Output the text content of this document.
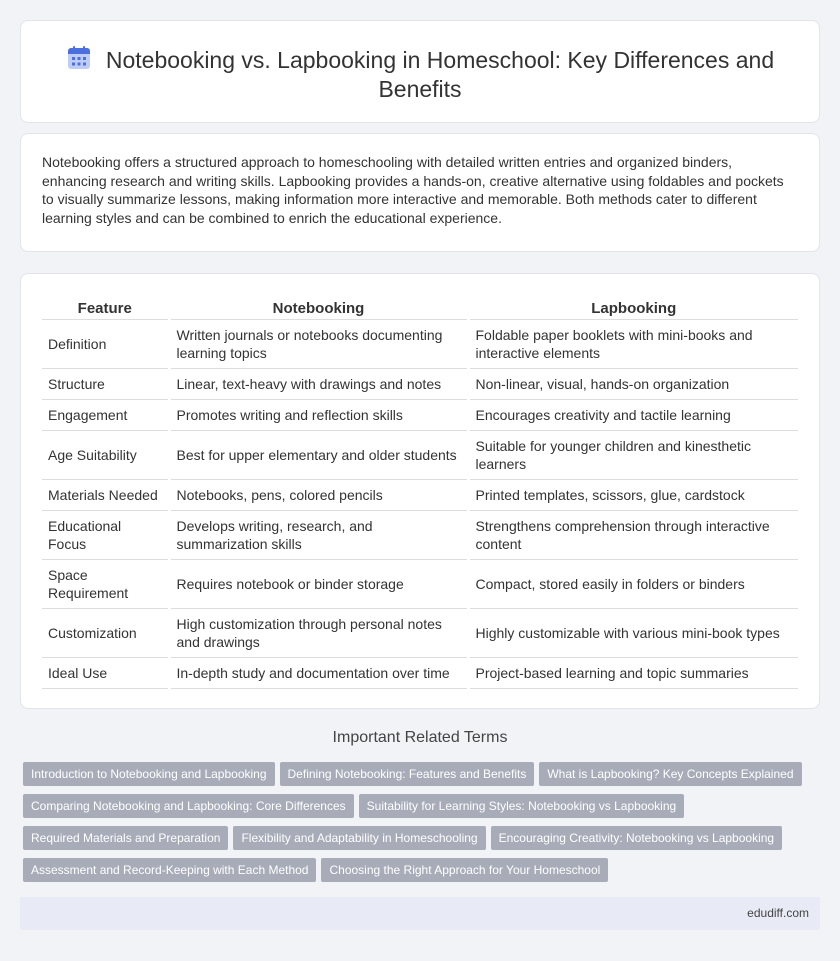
Notebooking vs. Lapbooking in Homeschool: Key Differences and Benefits

Notebooking offers a structured approach to homeschooling with detailed written entries and organized binders, enhancing research and writing skills. Lapbooking provides a hands-on, creative alternative using foldables and pockets to visually summarize lessons, making information more interactive and memorable. Both methods cater to different learning styles and can be combined to enrich the educational experience.

Feature	Notebooking	Lapbooking
Definition	Written journals or notebooks documenting learning topics	Foldable paper booklets with mini-books and interactive elements
Structure	Linear, text-heavy with drawings and notes	Non-linear, visual, hands-on organization
Engagement	Promotes writing and reflection skills	Encourages creativity and tactile learning
Age Suitability	Best for upper elementary and older students	Suitable for younger children and kinesthetic learners
Materials Needed	Notebooks, pens, colored pencils	Printed templates, scissors, glue, cardstock
Educational Focus	Develops writing, research, and summarization skills	Strengthens comprehension through interactive content
Space Requirement	Requires notebook or binder storage	Compact, stored easily in folders or binders
Customization	High customization through personal notes and drawings	Highly customizable with various mini-book types
Ideal Use	In-depth study and documentation over time	Project-based learning and topic summaries
Important Related Terms
Introduction to Notebooking and Lapbooking Defining Notebooking: Features and Benefits What is Lapbooking? Key Concepts Explained
Comparing Notebooking and Lapbooking: Core Differences Suitability for Learning Styles: Notebooking vs Lapbooking
Required Materials and Preparation Flexibility and Adaptability in Homeschooling Encouraging Creativity: Notebooking vs Lapbooking
Assessment and Record-Keeping with Each Method Choosing the Right Approach for Your Homeschool
edudiff.com
